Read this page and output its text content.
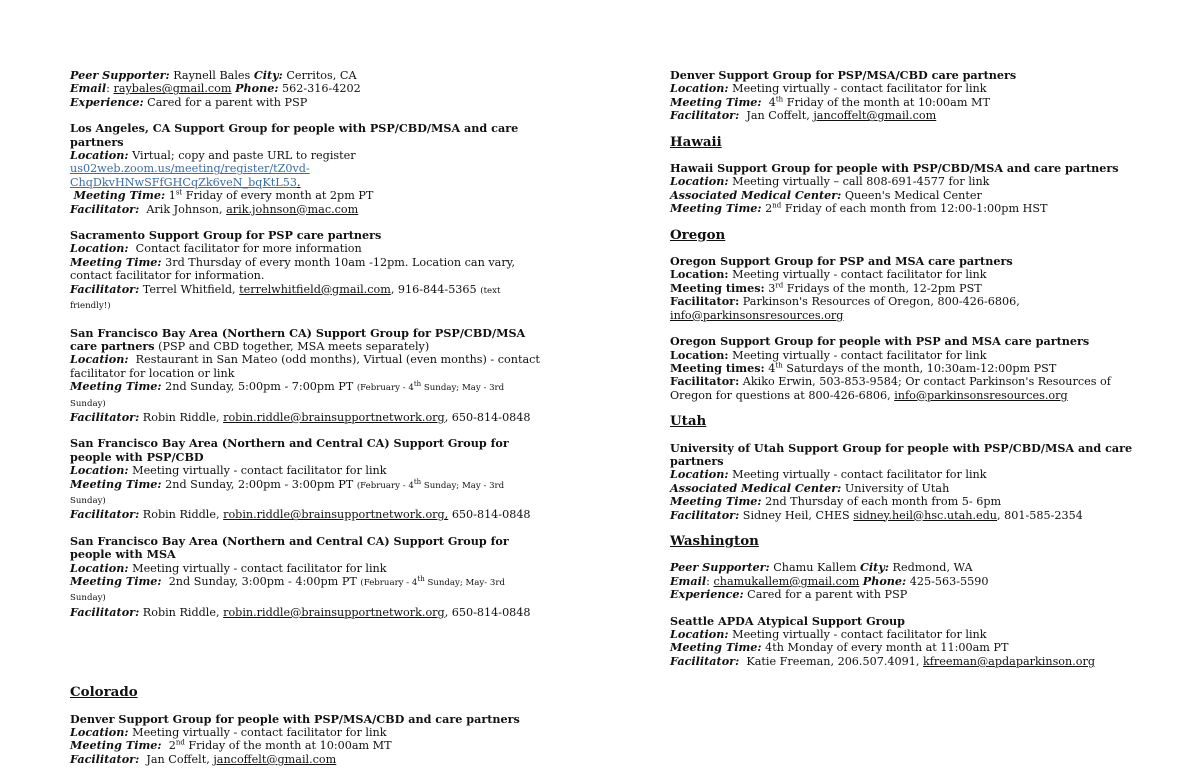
Peer Supporter: Raynell Bales City: Cerritos, CA
Email: raybales@gmail.com Phone: 562-316-4202
Experience: Cared for a parent with PSP
Los Angeles, CA Support Group for people with PSP/CBD/MSA and care partners
Location: Virtual; copy and paste URL to register
us02web.zoom.us/meeting/register/tZ0vd-ChqDkvHNwSFfGHCqZk6veN_bqKtL53.
Meeting Time: 1st Friday of every month at 2pm PT
Facilitator: Arik Johnson, arik.johnson@mac.com
Sacramento Support Group for PSP care partners
Location: Contact facilitator for more information
Meeting Time: 3rd Thursday of every month 10am -12pm. Location can vary, contact facilitator for information.
Facilitator: Terrel Whitfield, terrelwhitfield@gmail.com, 916-844-5365 (text friendly!)
San Francisco Bay Area (Northern CA) Support Group for PSP/CBD/MSA care partners (PSP and CBD together, MSA meets separately)
Location: Restaurant in San Mateo (odd months), Virtual (even months) - contact facilitator for location or link
Meeting Time: 2nd Sunday, 5:00pm - 7:00pm PT (February - 4th Sunday; May - 3rd Sunday)
Facilitator: Robin Riddle, robin.riddle@brainsupportnetwork.org, 650-814-0848
San Francisco Bay Area (Northern and Central CA) Support Group for people with PSP/CBD
Location: Meeting virtually - contact facilitator for link
Meeting Time: 2nd Sunday, 2:00pm - 3:00pm PT (February - 4th Sunday; May - 3rd Sunday)
Facilitator: Robin Riddle, robin.riddle@brainsupportnetwork.org, 650-814-0848
San Francisco Bay Area (Northern and Central CA) Support Group for people with MSA
Location: Meeting virtually - contact facilitator for link
Meeting Time: 2nd Sunday, 3:00pm - 4:00pm PT (February - 4th Sunday; May- 3rd Sunday)
Facilitator: Robin Riddle, robin.riddle@brainsupportnetwork.org, 650-814-0848
Colorado
Denver Support Group for people with PSP/MSA/CBD and care partners
Location: Meeting virtually - contact facilitator for link
Meeting Time: 2nd Friday of the month at 10:00am MT
Facilitator: Jan Coffelt, jancoffelt@gmail.com
Denver Support Group for PSP/MSA/CBD care partners
Location: Meeting virtually - contact facilitator for link
Meeting Time: 4th Friday of the month at 10:00am MT
Facilitator: Jan Coffelt, jancoffelt@gmail.com
Hawaii
Hawaii Support Group for people with PSP/CBD/MSA and care partners
Location: Meeting virtually – call 808-691-4577 for link
Associated Medical Center: Queen's Medical Center
Meeting Time: 2nd Friday of each month from 12:00-1:00pm HST
Oregon
Oregon Support Group for PSP and MSA care partners
Location: Meeting virtually - contact facilitator for link
Meeting times: 3rd Fridays of the month, 12-2pm PST
Facilitator: Parkinson's Resources of Oregon, 800-426-6806, info@parkinsonsresources.org
Oregon Support Group for people with PSP and MSA care partners
Location: Meeting virtually - contact facilitator for link
Meeting times: 4th Saturdays of the month, 10:30am-12:00pm PST
Facilitator: Akiko Erwin, 503-853-9584; Or contact Parkinson's Resources of Oregon for questions at 800-426-6806, info@parkinsonsresources.org
Utah
University of Utah Support Group for people with PSP/CBD/MSA and care partners
Location: Meeting virtually - contact facilitator for link
Associated Medical Center: University of Utah
Meeting Time: 2nd Thursday of each month from 5- 6pm
Facilitator: Sidney Heil, CHES sidney.heil@hsc.utah.edu, 801-585-2354
Washington
Peer Supporter: Chamu Kallem City: Redmond, WA
Email: chamukallem@gmail.com Phone: 425-563-5590
Experience: Cared for a parent with PSP
Seattle APDA Atypical Support Group
Location: Meeting virtually - contact facilitator for link
Meeting Time: 4th Monday of every month at 11:00am PT
Facilitator: Katie Freeman, 206.507.4091, kfreeman@apdaparkinson.org
